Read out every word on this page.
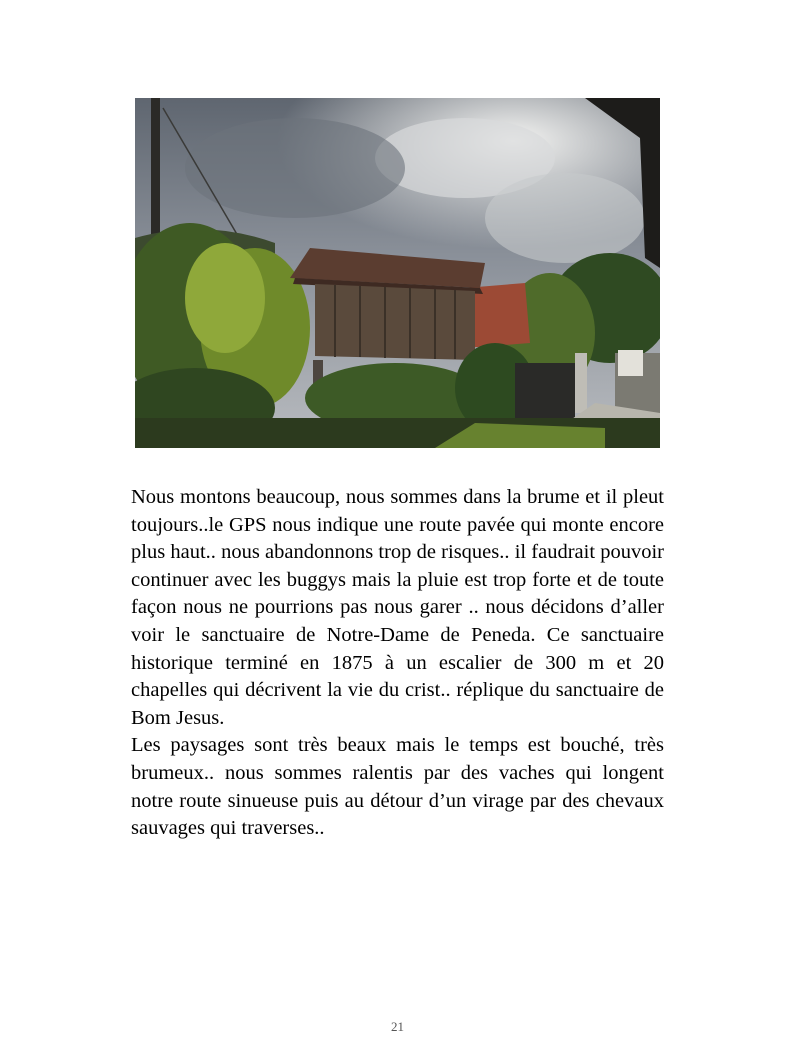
Nous montons beaucoup, nous sommes dans la brume et il pleut toujours..le GPS nous indique une route pavée qui monte encore plus haut.. nous abandonnons trop de risques.. il faudrait pouvoir continuer avec les buggys mais la pluie est trop forte et de toute façon nous ne pourrions pas nous garer .. nous décidons d’aller voir le sanctuaire de Notre-Dame de Peneda. Ce sanctuaire historique terminé en 1875 à un escalier de 300 m et 20 chapelles qui décrivent la vie du crist.. réplique du sanctuaire de Bom Jesus.

Les paysages sont très beaux mais le temps est bouché, très brumeux.. nous sommes ralentis par des vaches qui longent notre route sinueuse puis au détour d’un virage par des chevaux sauvages qui traverses..

21
